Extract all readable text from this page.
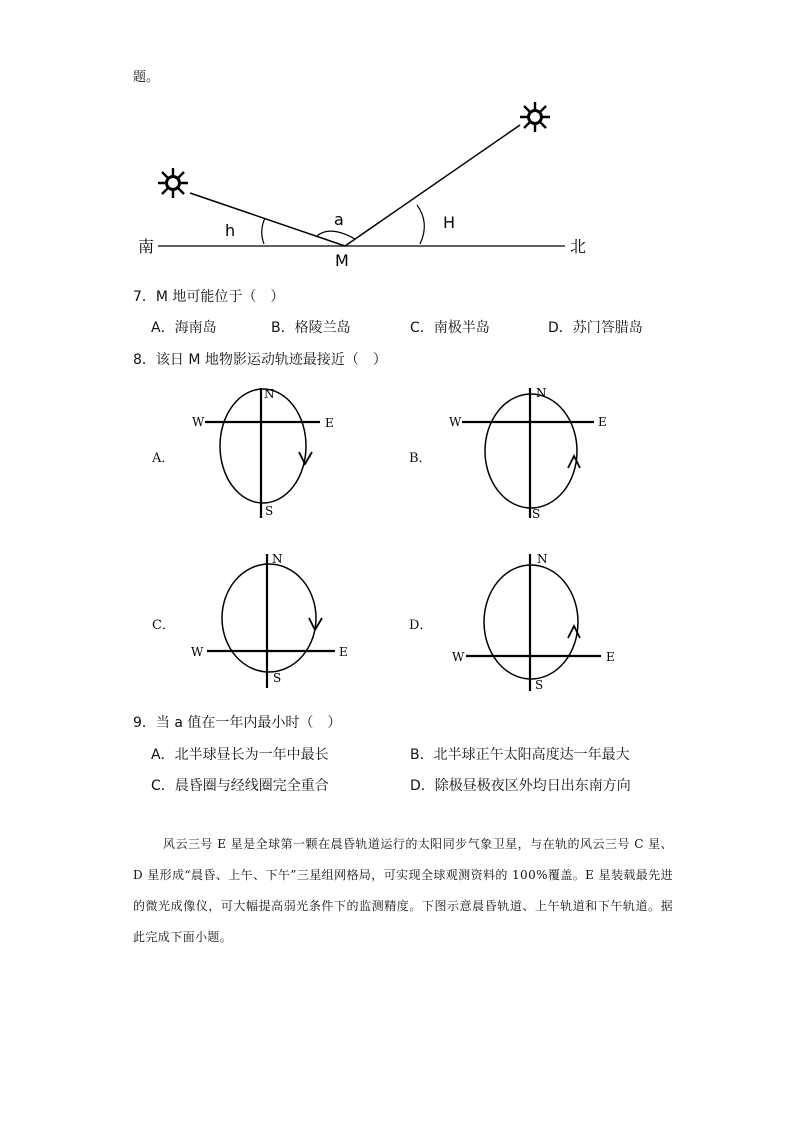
题。
南	北
M
a
h	H
7．M 地可能位于（　）
A．海南岛	B．格陵兰岛	C．南极半岛	D．苏门答腊岛
8．该日 M 地物影运动轨迹最接近（　）
A．
N
S
W	E
B．
N
S
W	E
C．
N
S
W	E
D．
N
S
W	E
9．当 a 值在一年内最小时（　）
A．北半球昼长为一年中最长	B．北半球正午太阳高度达一年最大
C．晨昏圈与经线圈完全重合	D．除极昼极夜区外均日出东南方向
风云三号 E 星是全球第一颗在晨昏轨道运行的太阳同步气象卫星，与在轨的风云三号 C 星、D 星形成“晨昏、上午、下午”三星组网格局，可实现全球观测资料的 100%覆盖。E 星装载最先进的微光成像仪，可大幅提高弱光条件下的监测精度。下图示意晨昏轨道、上午轨道和下午轨道。据此完成下面小题。
